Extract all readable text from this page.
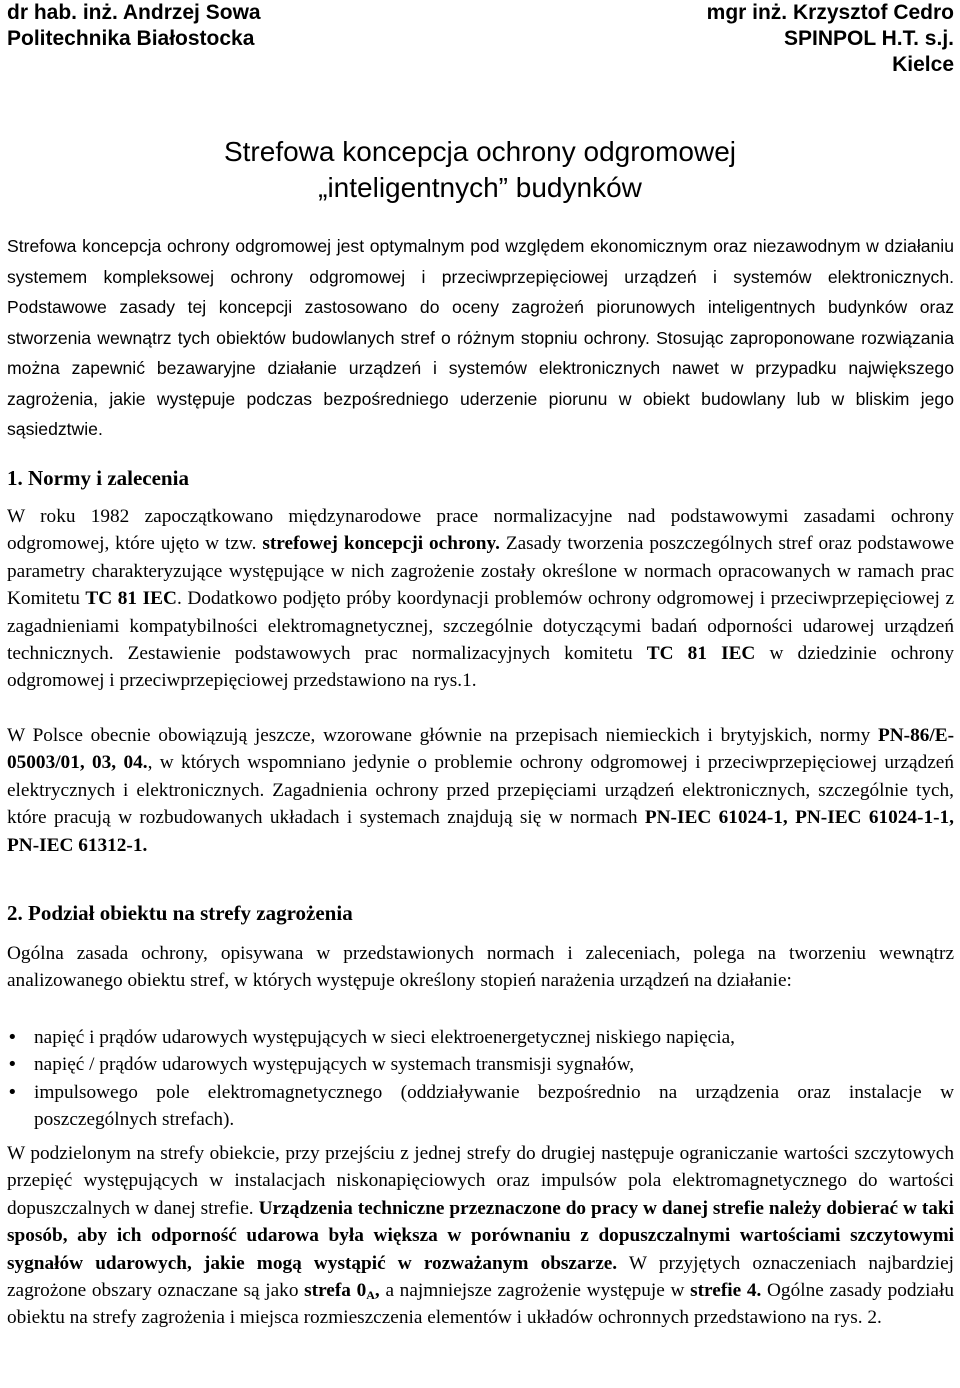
dr hab. inż. Andrzej Sowa
Politechnika Białostocka
mgr inż. Krzysztof Cedro
SPINPOL H.T. s.j.
Kielce
Strefowa koncepcja ochrony odgromowej
„inteligentnych” budynków

Strefowa koncepcja ochrony odgromowej jest optymalnym pod względem ekonomicznym oraz niezawodnym w działaniu systemem kompleksowej ochrony odgromowej i przeciwprzepięciowej urządzeń i systemów elektronicznych. Podstawowe zasady tej koncepcji zastosowano do oceny zagrożeń piorunowych inteligentnych budynków oraz stworzenia wewnątrz tych obiektów budowlanych stref o różnym stopniu ochrony. Stosując zaproponowane rozwiązania można zapewnić bezawaryjne działanie urządzeń i systemów elektronicznych nawet w przypadku największego zagrożenia, jakie występuje podczas bezpośredniego uderzenie piorunu w obiekt budowlany lub w bliskim jego sąsiedztwie.

1. Normy i zalecenia

W roku 1982 zapoczątkowano międzynarodowe prace normalizacyjne nad podstawowymi zasadami ochrony odgromowej, które ujęto w tzw. strefowej koncepcji ochrony. Zasady tworzenia poszczególnych stref oraz podstawowe parametry charakteryzujące występujące w nich zagrożenie zostały określone w normach opracowanych w ramach prac Komitetu TC 81 IEC. Dodatkowo podjęto próby koordynacji problemów ochrony odgromowej i przeciwprzepięciowej z zagadnieniami kompatybilności elektromagnetycznej, szczególnie dotyczącymi badań odporności udarowej urządzeń technicznych. Zestawienie podstawowych prac normalizacyjnych komitetu TC 81 IEC w dziedzinie ochrony odgromowej i przeciwprzepięciowej przedstawiono na rys.1.

W Polsce obecnie obowiązują jeszcze, wzorowane głównie na przepisach niemieckich i brytyjskich, normy PN-86/E-05003/01, 03, 04., w których wspomniano jedynie o problemie ochrony odgromowej i przeciwprzepięciowej urządzeń elektrycznych i elektronicznych. Zagadnienia ochrony przed przepięciami urządzeń elektronicznych, szczególnie tych, które pracują w rozbudowanych układach i systemach znajdują się w normach PN-IEC 61024-1, PN-IEC 61024-1-1, PN-IEC 61312-1.

2. Podział obiektu na strefy zagrożenia

Ogólna zasada ochrony, opisywana w przedstawionych normach i zaleceniach, polega na tworzeniu wewnątrz analizowanego obiektu stref, w których występuje określony stopień narażenia urządzeń na działanie:

• napięć i prądów udarowych występujących w sieci elektroenergetycznej niskiego napięcia,
• napięć / prądów udarowych występujących w systemach transmisji sygnałów,
• impulsowego pole elektromagnetycznego (oddziaływanie bezpośrednio na urządzenia oraz instalacje w poszczególnych strefach).

W podzielonym na strefy obiekcie, przy przejściu z jednej strefy do drugiej następuje ograniczanie wartości szczytowych przepięć występujących w instalacjach niskonapięciowych oraz impulsów pola elektromagnetycznego do wartości dopuszczalnych w danej strefie. Urządzenia techniczne przeznaczone do pracy w danej strefie należy dobierać w taki sposób, aby ich odporność udarowa była większa w porównaniu z dopuszczalnymi wartościami szczytowymi sygnałów udarowych, jakie mogą wystąpić w rozważanym obszarze. W przyjętych oznaczeniach najbardziej zagrożone obszary oznaczane są jako strefa $0_A$, a najmniejsze zagrożenie występuje w strefie 4. Ogólne zasady podziału obiektu na strefy zagrożenia i miejsca rozmieszczenia elementów i układów ochronnych przedstawiono na rys. 2.
